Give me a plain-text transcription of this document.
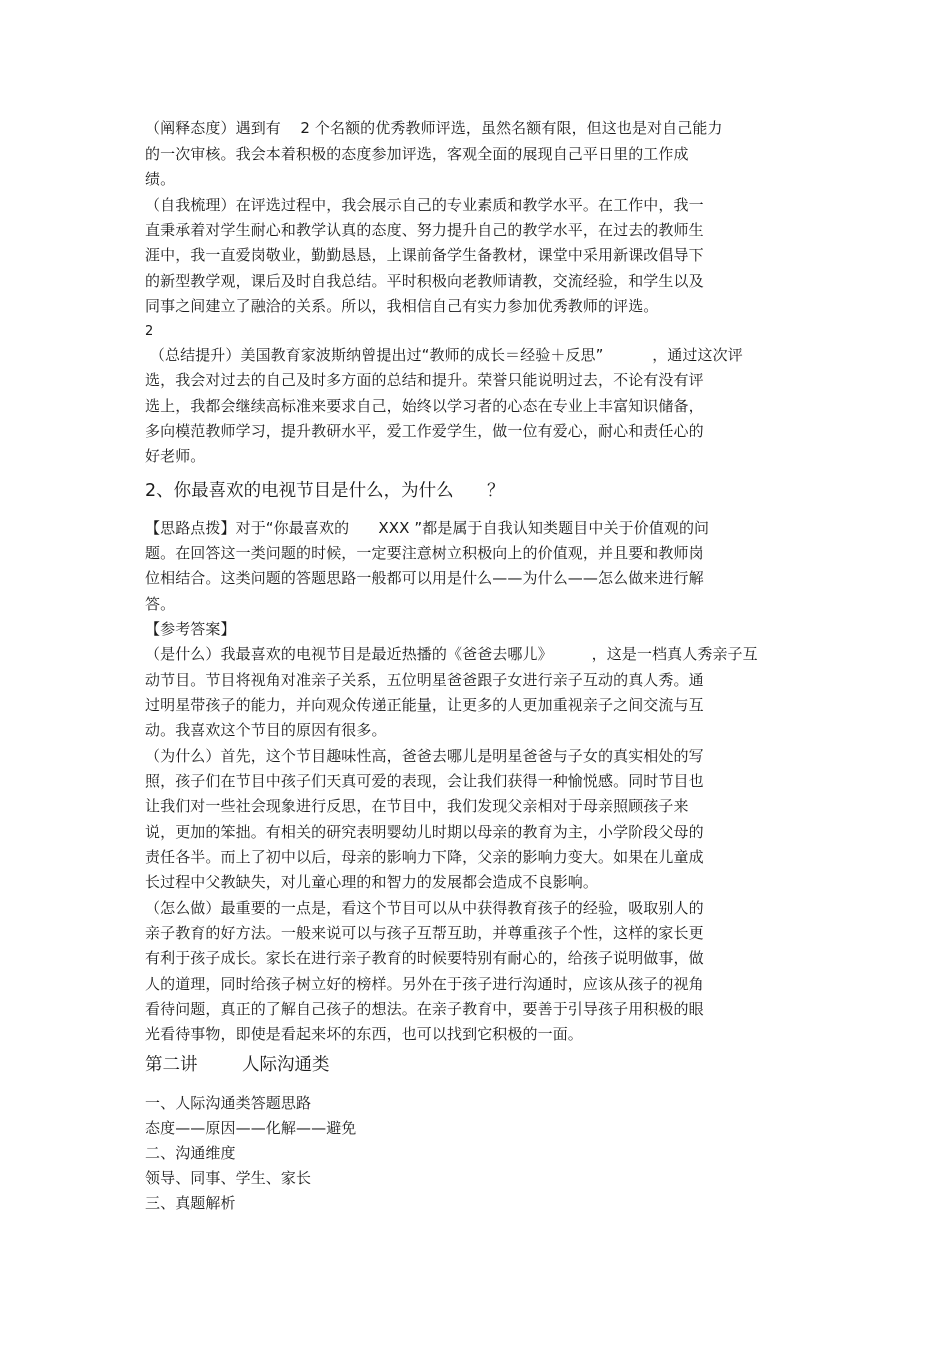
（阐释态度）遇到有    2 个名额的优秀教师评选，虽然名额有限，但这也是对自己能力
的一次审核。我会本着积极的态度参加评选，客观全面的展现自己平日里的工作成
绩。
（自我梳理）在评选过程中，我会展示自己的专业素质和教学水平。在工作中，我一
直秉承着对学生耐心和教学认真的态度、努力提升自己的教学水平，在过去的教师生
涯中，我一直爱岗敬业，勤勤恳恳，上课前备学生备教材，课堂中采用新课改倡导下
的新型教学观，课后及时自我总结。平时积极向老教师请教，交流经验，和学生以及
同事之间建立了融洽的关系。所以，我相信自己有实力参加优秀教师的评选。
2
（总结提升）美国教育家波斯纳曾提出过“教师的成长＝经验＋反思”          ，通过这次评
选，我会对过去的自己及时多方面的总结和提升。荣誉只能说明过去，不论有没有评
选上，我都会继续高标准来要求自己，始终以学习者的心态在专业上丰富知识储备，
多向模范教师学习，提升教研水平，爱工作爱学生，做一位有爱心，耐心和责任心的
好老师。
2、你最喜欢的电视节目是什么，为什么      ？
【思路点拨】对于“你最喜欢的      XXX ”都是属于自我认知类题目中关于价值观的问
题。在回答这一类问题的时候，一定要注意树立积极向上的价值观，并且要和教师岗
位相结合。这类问题的答题思路一般都可以用是什么——为什么——怎么做来进行解
答。
【参考答案】
（是什么）我最喜欢的电视节目是最近热播的《爸爸去哪儿》        ，这是一档真人秀亲子互
动节目。节目将视角对准亲子关系，五位明星爸爸跟子女进行亲子互动的真人秀。通
过明星带孩子的能力，并向观众传递正能量，让更多的人更加重视亲子之间交流与互
动。我喜欢这个节目的原因有很多。
（为什么）首先，这个节目趣味性高，爸爸去哪儿是明星爸爸与子女的真实相处的写
照，孩子们在节目中孩子们天真可爱的表现，会让我们获得一种愉悦感。同时节目也
让我们对一些社会现象进行反思，在节目中，我们发现父亲相对于母亲照顾孩子来
说，更加的笨拙。有相关的研究表明婴幼儿时期以母亲的教育为主，小学阶段父母的
责任各半。而上了初中以后，母亲的影响力下降，父亲的影响力变大。如果在儿童成
长过程中父教缺失，对儿童心理的和智力的发展都会造成不良影响。
（怎么做）最重要的一点是，看这个节目可以从中获得教育孩子的经验，吸取别人的
亲子教育的好方法。一般来说可以与孩子互帮互助，并尊重孩子个性，这样的家长更
有利于孩子成长。家长在进行亲子教育的时候要特别有耐心的，给孩子说明做事，做
人的道理，同时给孩子树立好的榜样。另外在于孩子进行沟通时，应该从孩子的视角
看待问题，真正的了解自己孩子的想法。在亲子教育中，要善于引导孩子用积极的眼
光看待事物，即使是看起来坏的东西，也可以找到它积极的一面。
第二讲        人际沟通类
一、人际沟通类答题思路
态度——原因——化解——避免
二、沟通维度
领导、同事、学生、家长
三、真题解析
